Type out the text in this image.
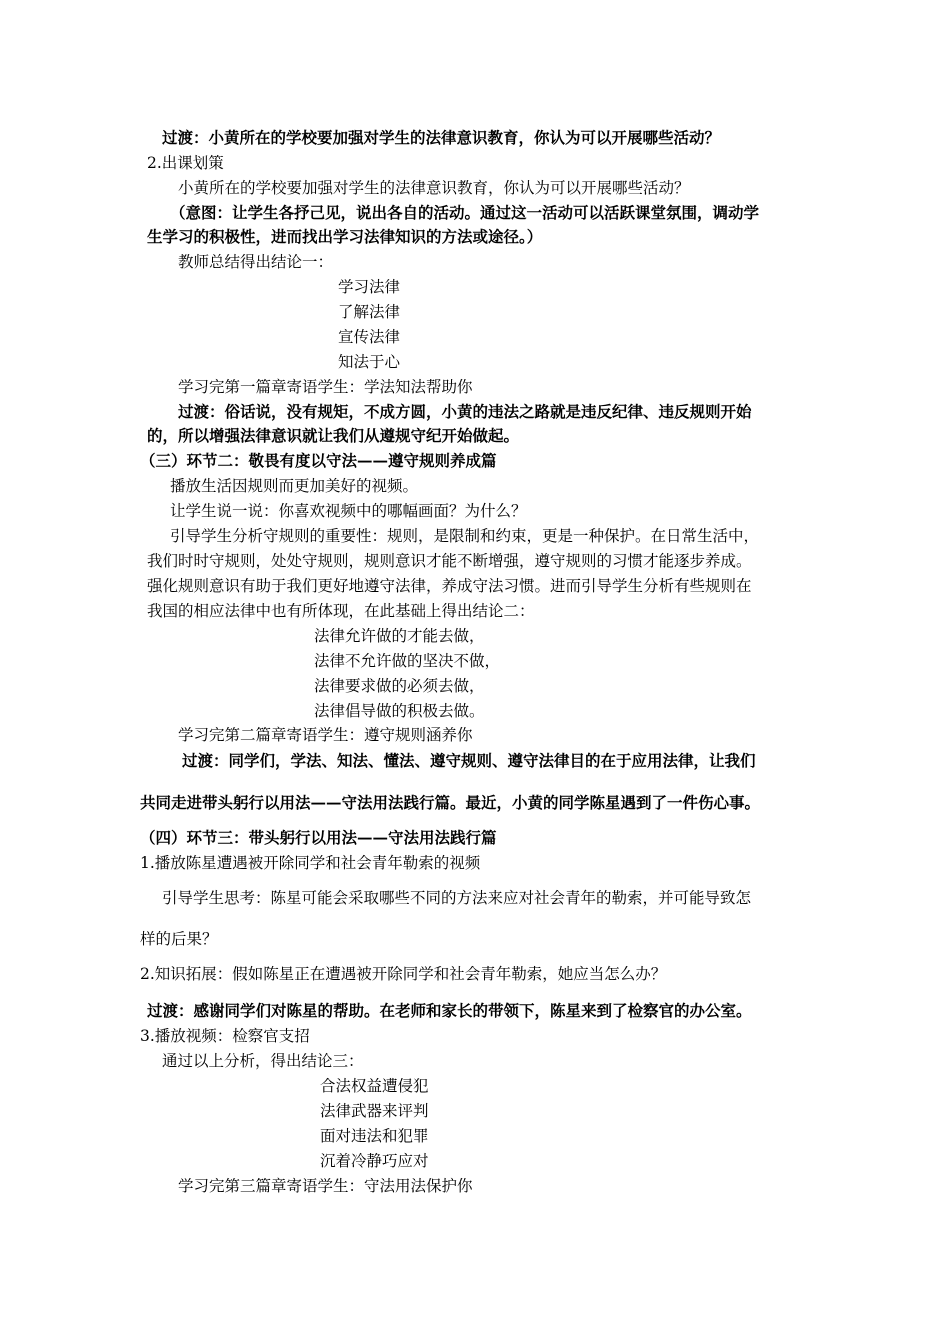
过渡：小黄所在的学校要加强对学生的法律意识教育，你认为可以开展哪些活动？
2.出课划策
小黄所在的学校要加强对学生的法律意识教育，你认为可以开展哪些活动？
（意图：让学生各抒己见，说出各自的活动。通过这一活动可以活跃课堂氛围，调动学
生学习的积极性，进而找出学习法律知识的方法或途径。）
教师总结得出结论一：
学习法律
了解法律
宣传法律
知法于心
学习完第一篇章寄语学生：学法知法帮助你
过渡：俗话说，没有规矩，不成方圆，小黄的违法之路就是违反纪律、违反规则开始
的，所以增强法律意识就让我们从遵规守纪开始做起。
（三）环节二：敬畏有度以守法——遵守规则养成篇
播放生活因规则而更加美好的视频。
让学生说一说：你喜欢视频中的哪幅画面？为什么？
引导学生分析守规则的重要性：规则，是限制和约束，更是一种保护。在日常生活中，
我们时时守规则，处处守规则，规则意识才能不断增强，遵守规则的习惯才能逐步养成。
强化规则意识有助于我们更好地遵守法律，养成守法习惯。进而引导学生分析有些规则在
我国的相应法律中也有所体现，在此基础上得出结论二：
法律允许做的才能去做，
法律不允许做的坚决不做，
法律要求做的必须去做，
法律倡导做的积极去做。
学习完第二篇章寄语学生：遵守规则涵养你
过渡：同学们，学法、知法、懂法、遵守规则、遵守法律目的在于应用法律，让我们
共同走进带头躬行以用法——守法用法践行篇。最近，小黄的同学陈星遇到了一件伤心事。
（四）环节三：带头躬行以用法——守法用法践行篇
1.播放陈星遭遇被开除同学和社会青年勒索的视频
引导学生思考：陈星可能会采取哪些不同的方法来应对社会青年的勒索，并可能导致怎
样的后果？
2.知识拓展：假如陈星正在遭遇被开除同学和社会青年勒索，她应当怎么办？
过渡：感谢同学们对陈星的帮助。在老师和家长的带领下，陈星来到了检察官的办公室。
3.播放视频：检察官支招
通过以上分析，得出结论三：
合法权益遭侵犯
法律武器来评判
面对违法和犯罪
沉着冷静巧应对
学习完第三篇章寄语学生：守法用法保护你
